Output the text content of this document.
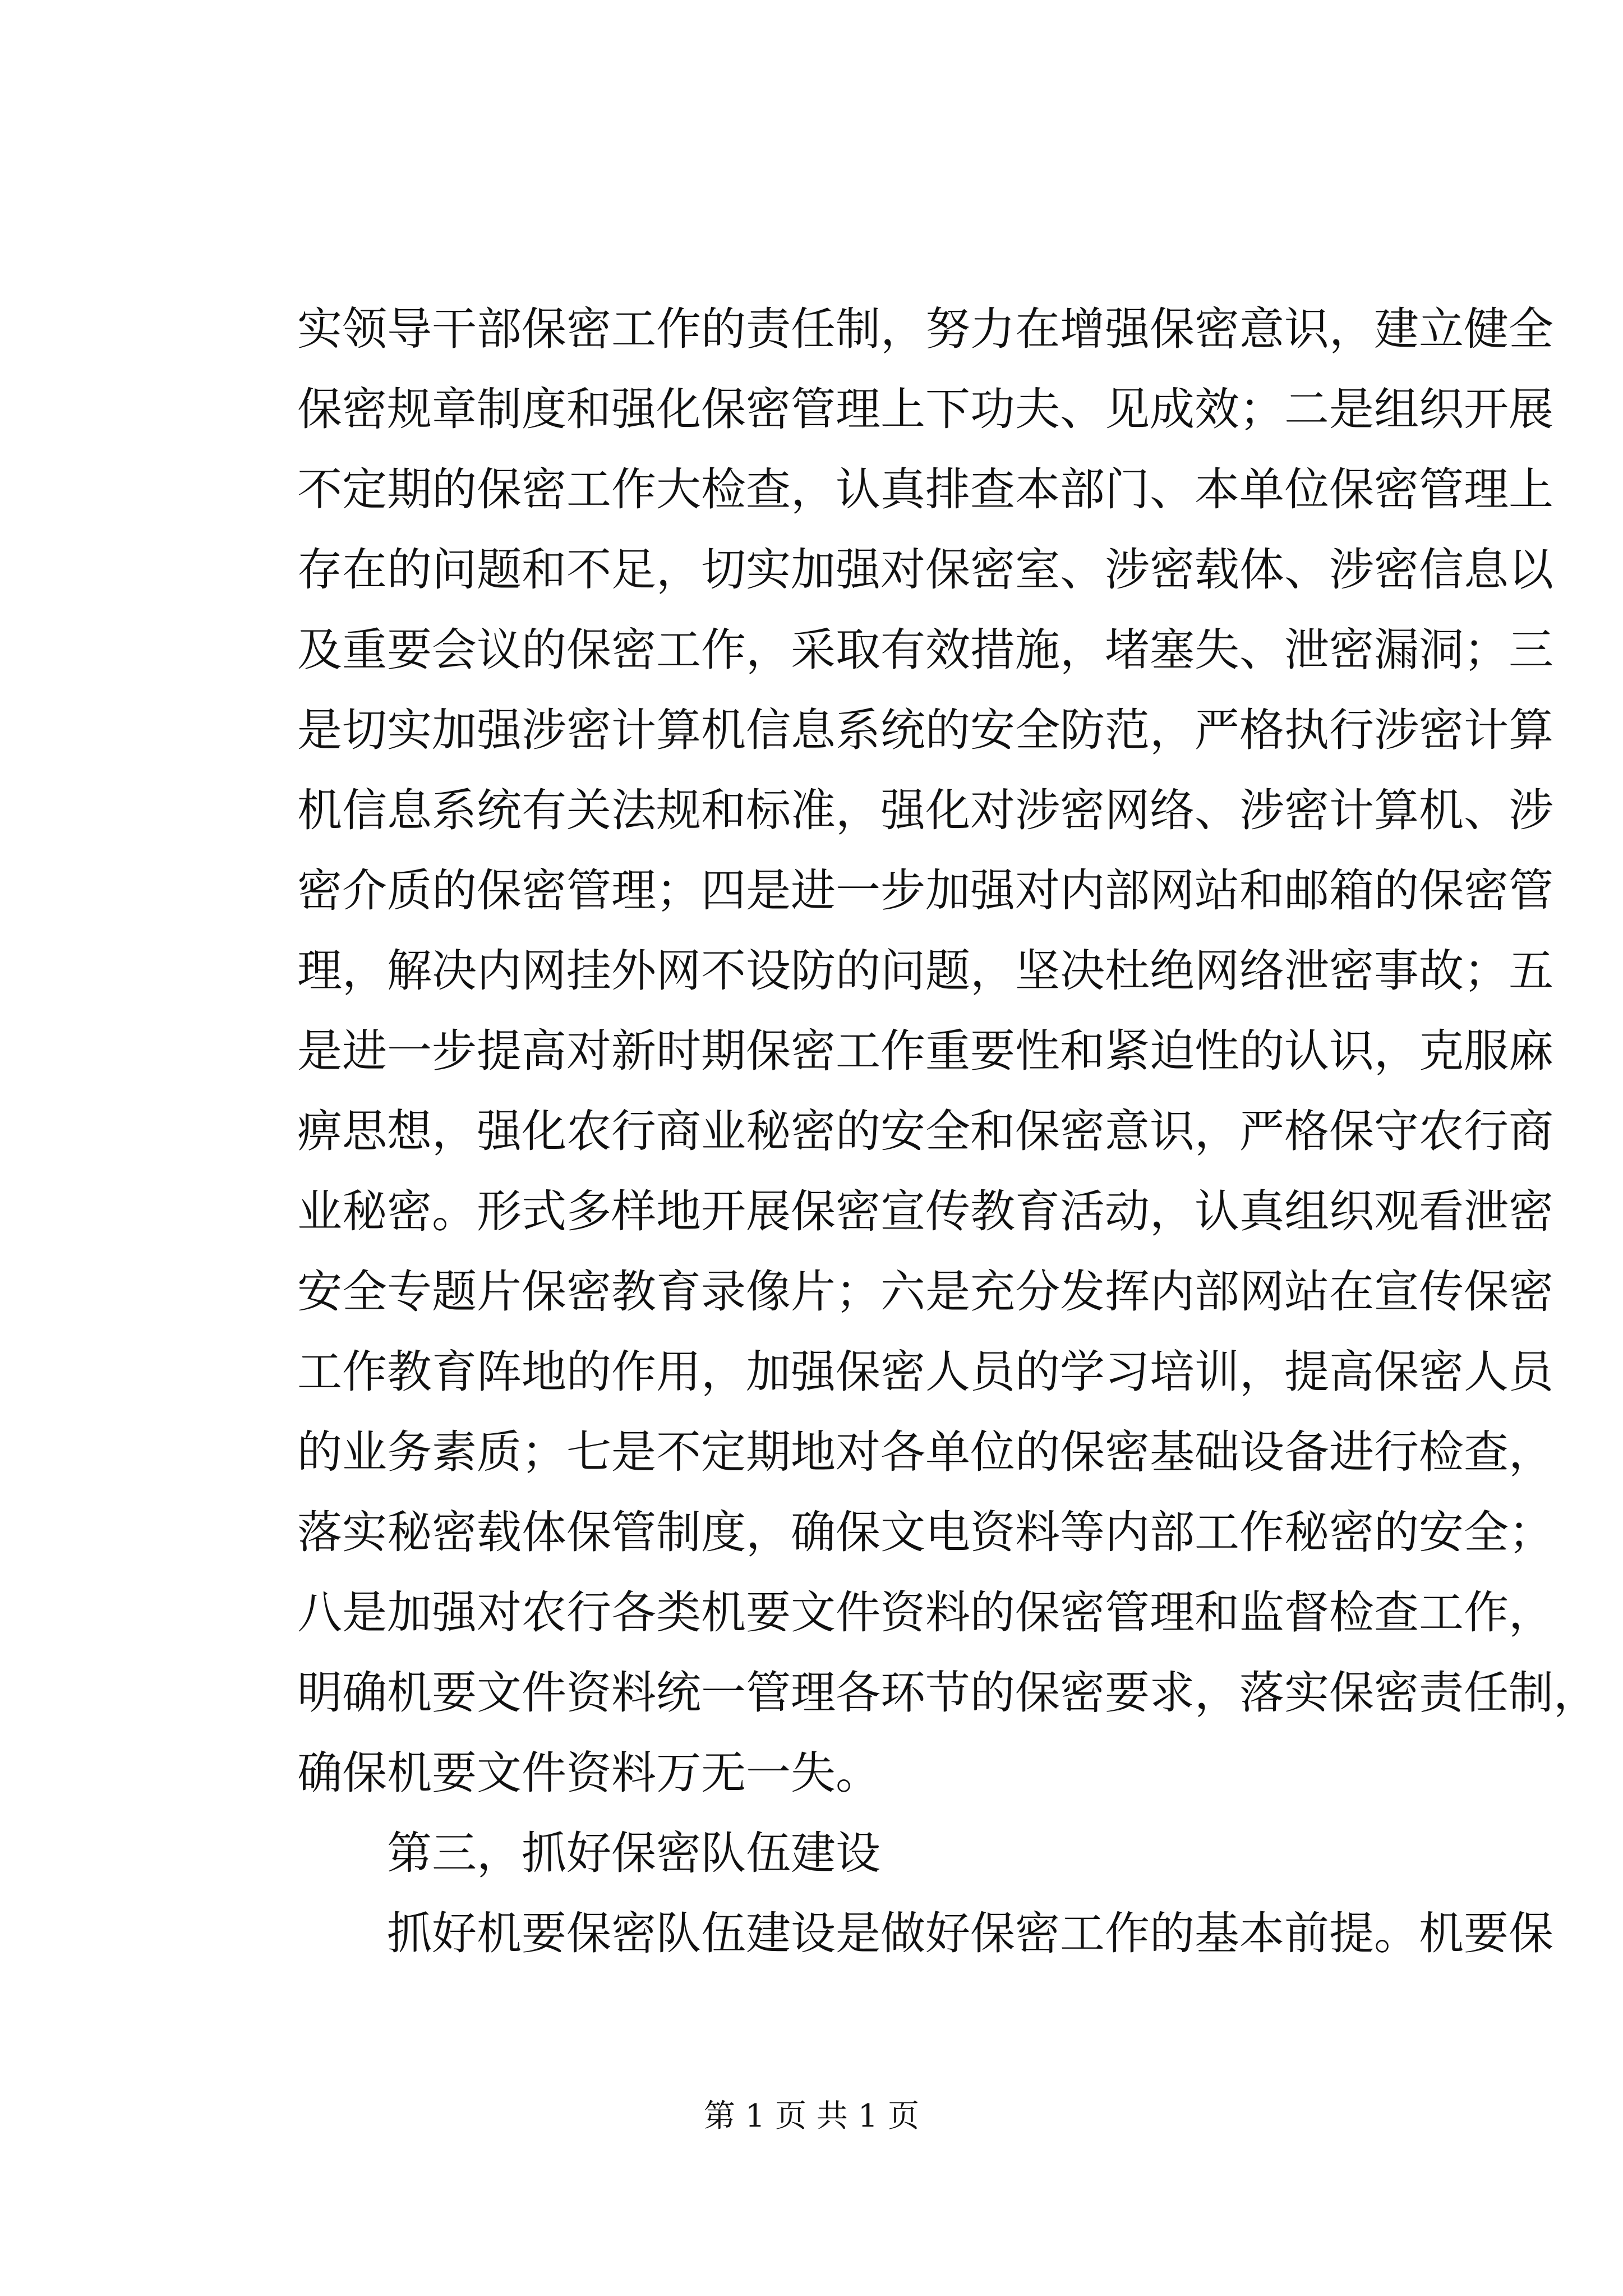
实领导干部保密工作的责任制，努力在增强保密意识，建立健全
保密规章制度和强化保密管理上下功夫、见成效；二是组织开展
不定期的保密工作大检查，认真排查本部门、本单位保密管理上
存在的问题和不足，切实加强对保密室、涉密载体、涉密信息以
及重要会议的保密工作，采取有效措施，堵塞失、泄密漏洞；三
是切实加强涉密计算机信息系统的安全防范，严格执行涉密计算
机信息系统有关法规和标准，强化对涉密网络、涉密计算机、涉
密介质的保密管理；四是进一步加强对内部网站和邮箱的保密管
理，解决内网挂外网不设防的问题，坚决杜绝网络泄密事故；五
是进一步提高对新时期保密工作重要性和紧迫性的认识，克服麻
痹思想，强化农行商业秘密的安全和保密意识，严格保守农行商
业秘密。形式多样地开展保密宣传教育活动，认真组织观看泄密
安全专题片保密教育录像片；六是充分发挥内部网站在宣传保密
工作教育阵地的作用，加强保密人员的学习培训，提高保密人员
的业务素质；七是不定期地对各单位的保密基础设备进行检查，
落实秘密载体保管制度，确保文电资料等内部工作秘密的安全；
八是加强对农行各类机要文件资料的保密管理和监督检查工作，
明确机要文件资料统一管理各环节的保密要求，落实保密责任制，
确保机要文件资料万无一失。
第三，抓好保密队伍建设
抓好机要保密队伍建设是做好保密工作的基本前提。机要保
第 1 页 共 1 页
